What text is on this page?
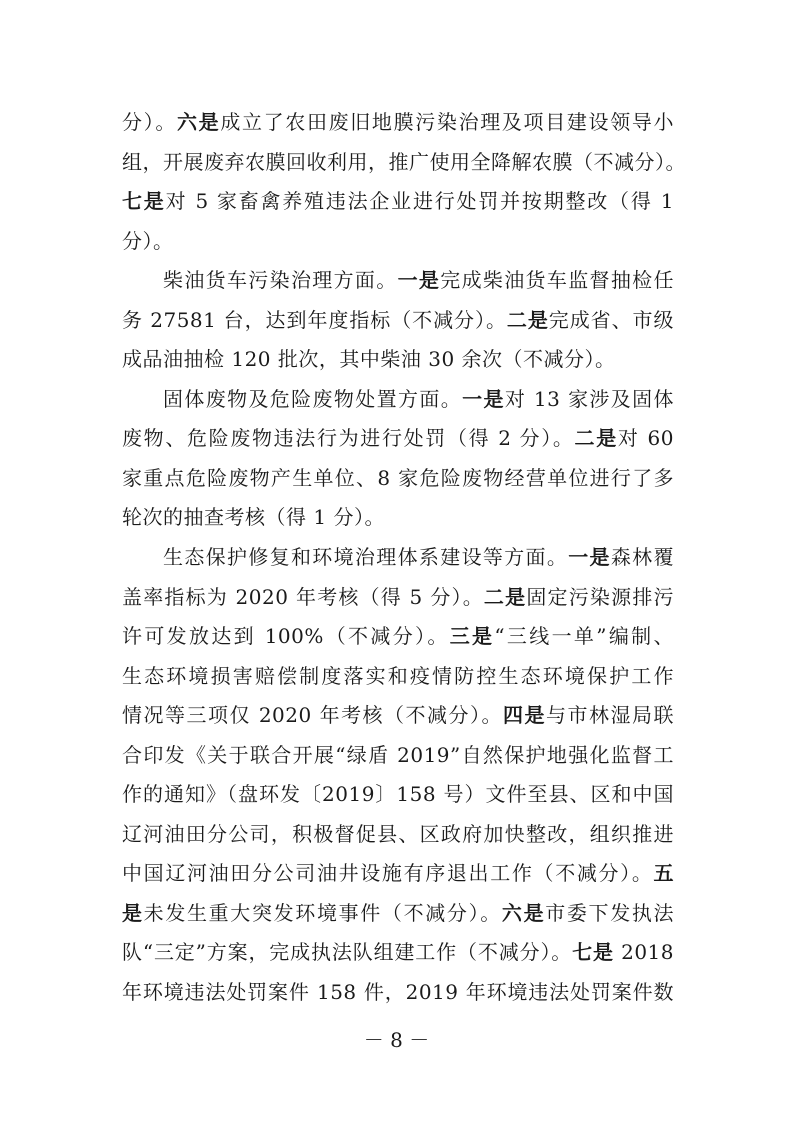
分）。六是成立了农田废旧地膜污染治理及项目建设领导小
组，开展废弃农膜回收利用，推广使用全降解农膜（不减分）。
七是对 5 家畜禽养殖违法企业进行处罚并按期整改（得 1
分）。
柴油货车污染治理方面。一是完成柴油货车监督抽检任
务 27581 台，达到年度指标（不减分）。二是完成省、市级
成品油抽检 120 批次，其中柴油 30 余次（不减分）。
固体废物及危险废物处置方面。一是对 13 家涉及固体
废物、危险废物违法行为进行处罚（得 2 分）。二是对 60
家重点危险废物产生单位、8 家危险废物经营单位进行了多
轮次的抽查考核（得 1 分）。
生态保护修复和环境治理体系建设等方面。一是森林覆
盖率指标为 2020 年考核（得 5 分）。二是固定污染源排污
许可发放达到 100%（不减分）。三是“三线一单”编制、
生态环境损害赔偿制度落实和疫情防控生态环境保护工作
情况等三项仅 2020 年考核（不减分）。四是与市林湿局联
合印发《关于联合开展“绿盾 2019”自然保护地强化监督工
作的通知》（盘环发〔2019〕158 号）文件至县、区和中国
辽河油田分公司，积极督促县、区政府加快整改，组织推进
中国辽河油田分公司油井设施有序退出工作（不减分）。五
是未发生重大突发环境事件（不减分）。六是市委下发执法
队“三定”方案，完成执法队组建工作（不减分）。七是 2018
年环境违法处罚案件 158 件，2019 年环境违法处罚案件数
－ 8 －
